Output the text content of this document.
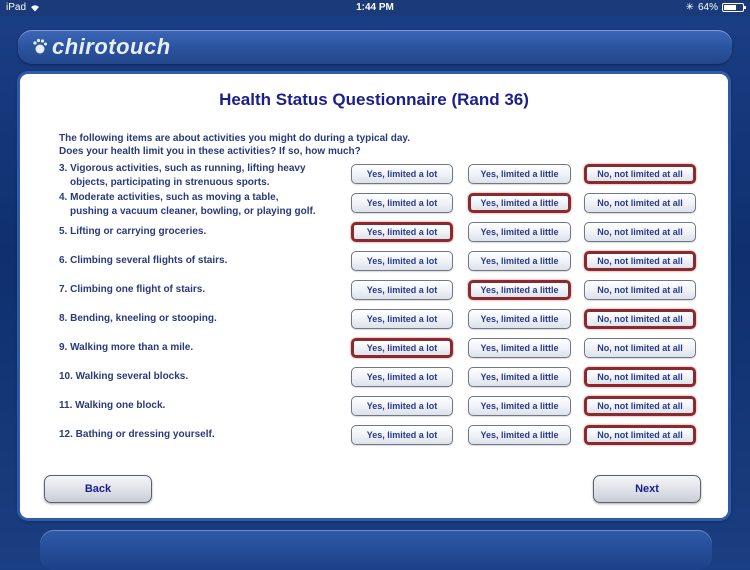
iPad	1:44 PM	✳ 64%
chirotouch
Health Status Questionnaire (Rand 36)
The following items are about activities you might do during a typical day.
Does your health limit you in these activities? If so, how much?
3. Vigorous activities, such as running, lifting heavy
objects, participating in strenuous sports.
Yes, limited a lot	Yes, limited a little	No, not limited at all
4. Moderate activities, such as moving a table,
pushing a vacuum cleaner, bowling, or playing golf.
Yes, limited a lot	Yes, limited a little	No, not limited at all
5. Lifting or carrying groceries.	Yes, limited a lot	Yes, limited a little	No, not limited at all
6. Climbing several flights of stairs.	Yes, limited a lot	Yes, limited a little	No, not limited at all
7. Climbing one flight of stairs.	Yes, limited a lot	Yes, limited a little	No, not limited at all
8. Bending, kneeling or stooping.	Yes, limited a lot	Yes, limited a little	No, not limited at all
9. Walking more than a mile.	Yes, limited a lot	Yes, limited a little	No, not limited at all
10. Walking several blocks.	Yes, limited a lot	Yes, limited a little	No, not limited at all
11. Walking one block.	Yes, limited a lot	Yes, limited a little	No, not limited at all
12. Bathing or dressing yourself.	Yes, limited a lot	Yes, limited a little	No, not limited at all
Back	Next
